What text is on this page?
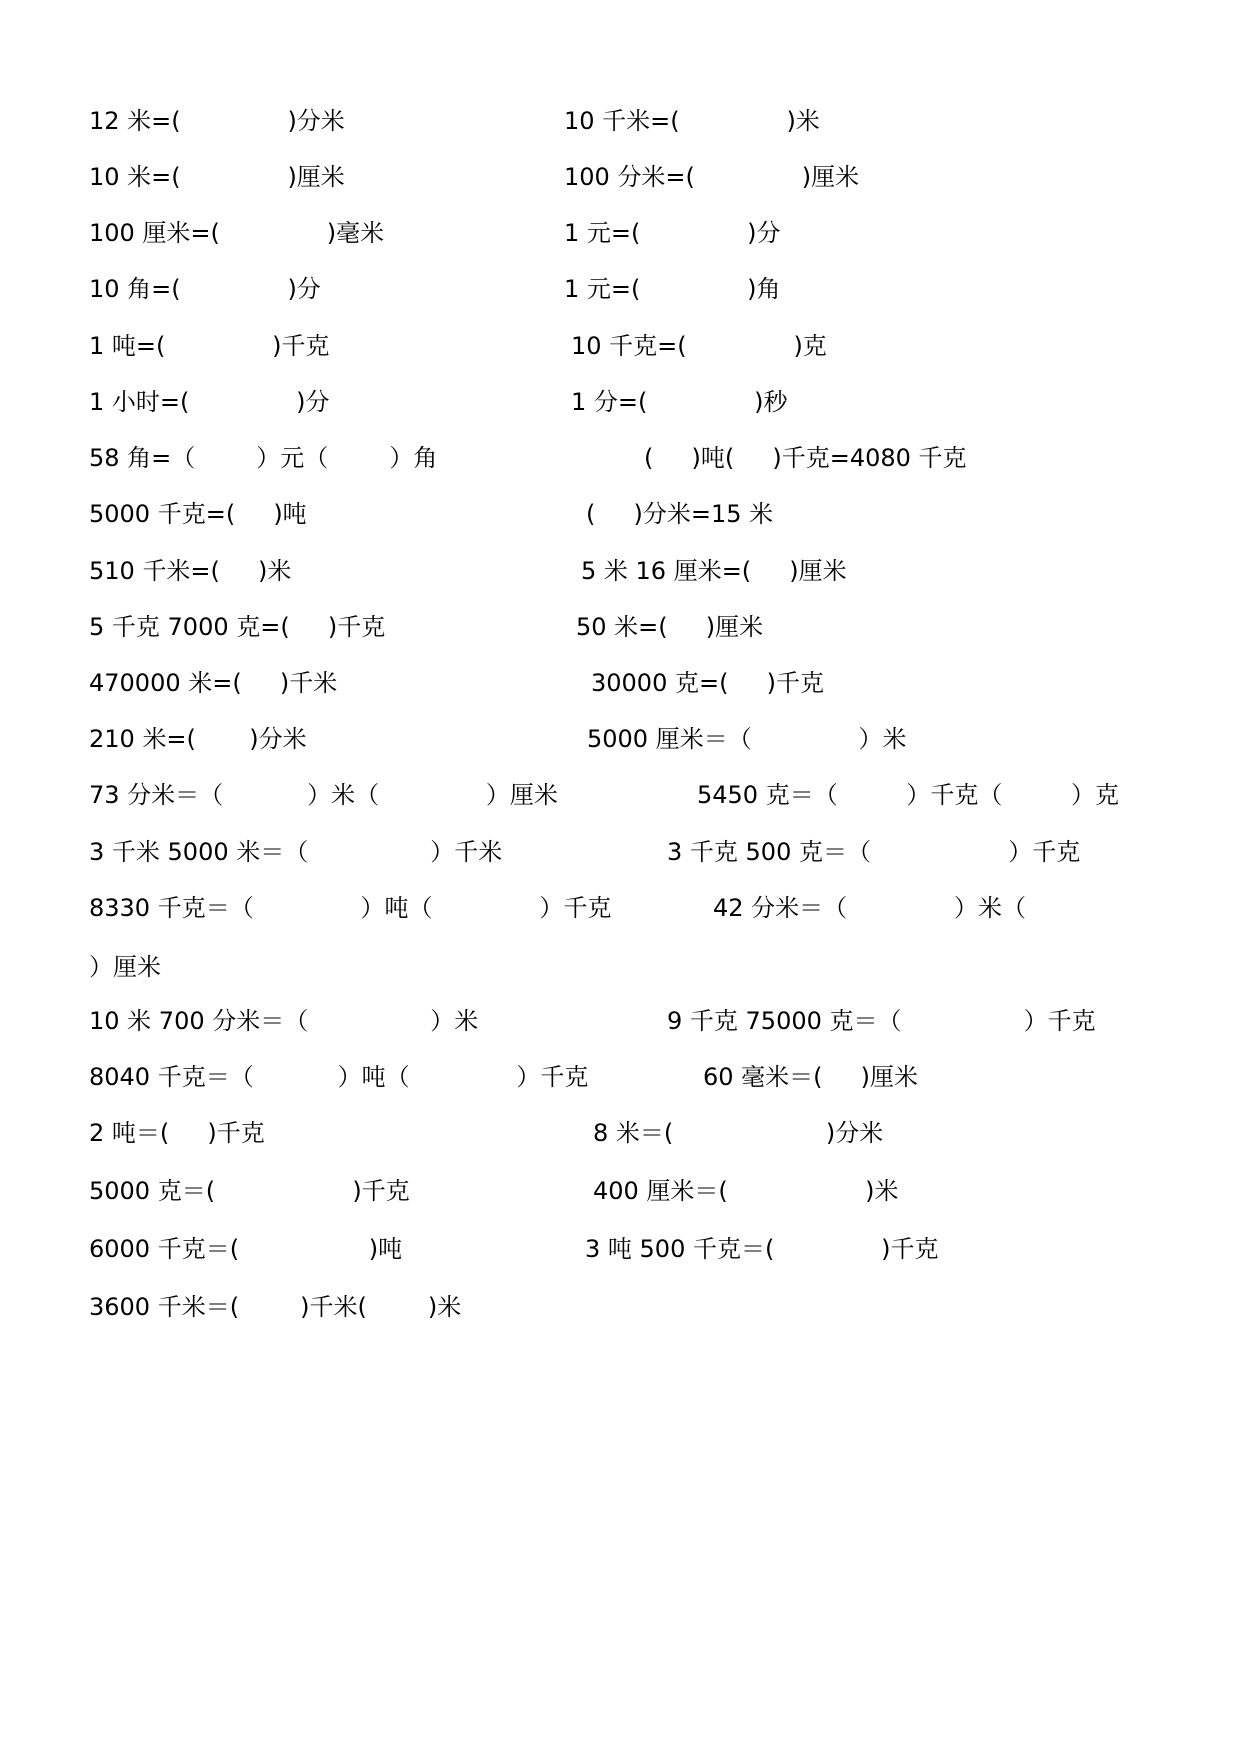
12 米=(              )分米	10 千米=(              )米
10 米=(              )厘米	100 分米=(              )厘米
100 厘米=(              )毫米	1 元=(              )分
10 角=(              )分	1 元=(              )角
1 吨=(              )千克	10 千克=(              )克
1 小时=(              )分	1 分=(              )秒
58 角=（        ）元（        ）角	(     )吨(     )千克=4080 千克
5000 千克=(     )吨	(     )分米=15 米
510 千米=(     )米	5 米 16 厘米=(     )厘米
5 千克 7000 克=(     )千克	50 米=(     )厘米
470000 米=(     )千米	30000 克=(     )千克
210 米=(       )分米	5000 厘米＝（              ）米
73 分米＝（           ）米（              ）厘米	5450 克＝（         ）千克（         ）克
3 千米 5000 米＝（                ）千米	3 千克 500 克＝（                  ）千克
8330 千克＝（              ）吨（              ）千克	42 分米＝（              ）米（
）厘米
10 米 700 分米＝（                ）米	9 千克 75000 克＝（                ）千克
8040 千克＝（           ）吨（              ）千克	60 毫米＝(     )厘米
2 吨＝(     )千克	8 米＝(                    )分米
5000 克＝(                  )千克	400 厘米＝(                  )米
6000 千克＝(                 )吨	3 吨 500 千克＝(              )千克
3600 千米＝(        )千米(        )米
